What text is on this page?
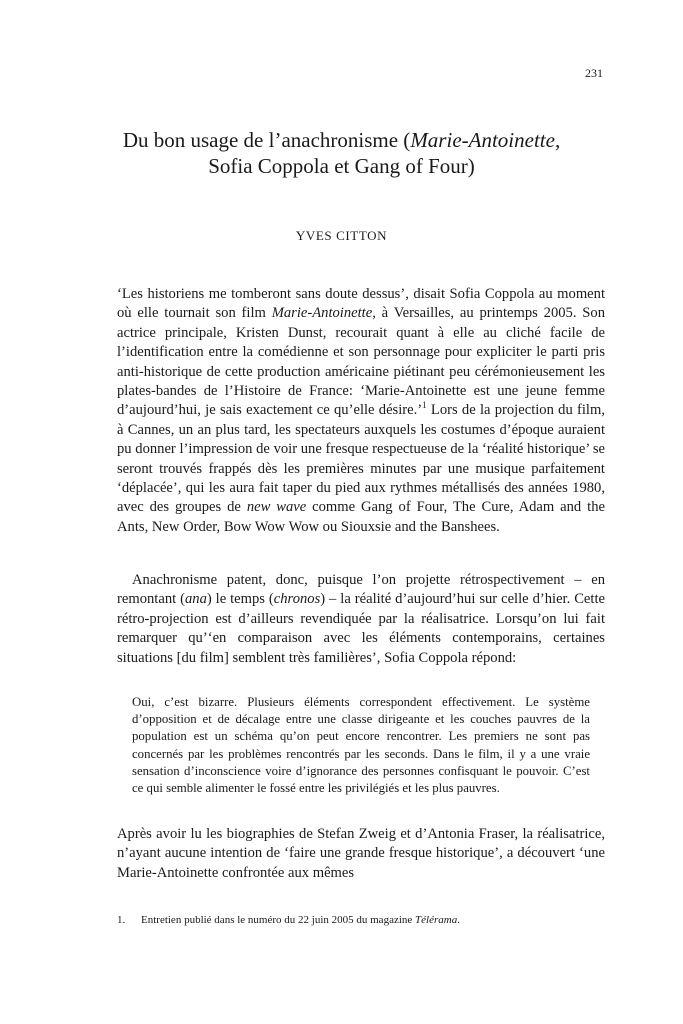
231
Du bon usage de l’anachronisme (Marie-Antoinette,
Sofia Coppola et Gang of Four)
YVES CITTON

‘Les historiens me tomberont sans doute dessus’, disait Sofia Coppola au moment où elle tournait son film Marie-Antoinette, à Versailles, au printemps 2005. Son actrice principale, Kristen Dunst, recourait quant à elle au cliché facile de l’identification entre la comédienne et son personnage pour expliciter le parti pris anti-historique de cette production américaine piétinant peu cérémonieusement les plates-bandes de l’Histoire de France: ‘Marie-Antoinette est une jeune femme d’aujourd’hui, je sais exactement ce qu’elle désire.’$^1$ Lors de la projection du film, à Cannes, un an plus tard, les spectateurs auxquels les costumes d’époque auraient pu donner l’impression de voir une fresque respectueuse de la ‘réalité historique’ se seront trouvés frappés dès les premières minutes par une musique parfaitement ‘déplacée’, qui les aura fait taper du pied aux rythmes métallisés des années 1980, avec des groupes de new wave comme Gang of Four, The Cure, Adam and the Ants, New Order, Bow Wow Wow ou Siouxsie and the Banshees.

Anachronisme patent, donc, puisque l’on projette rétrospectivement – en remontant (ana) le temps (chronos) – la réalité d’aujourd’hui sur celle d’hier. Cette rétro-projection est d’ailleurs revendiquée par la réalisatrice. Lorsqu’on lui fait remarquer qu’‘en comparaison avec les éléments contemporains, certaines situations [du film] semblent très familières’, Sofia Coppola répond:

Oui, c’est bizarre. Plusieurs éléments correspondent effectivement. Le système d’opposition et de décalage entre une classe dirigeante et les couches pauvres de la population est un schéma qu’on peut encore rencontrer. Les premiers ne sont pas concernés par les problèmes rencontrés par les seconds. Dans le film, il y a une vraie sensation d’inconscience voire d’ignorance des personnes confisquant le pouvoir. C’est ce qui semble alimenter le fossé entre les privilégiés et les plus pauvres.

Après avoir lu les biographies de Stefan Zweig et d’Antonia Fraser, la réalisatrice, n’ayant aucune intention de ‘faire une grande fresque historique’, a découvert ‘une Marie-Antoinette confrontée aux mêmes

1. Entretien publié dans le numéro du 22 juin 2005 du magazine Télérama.
